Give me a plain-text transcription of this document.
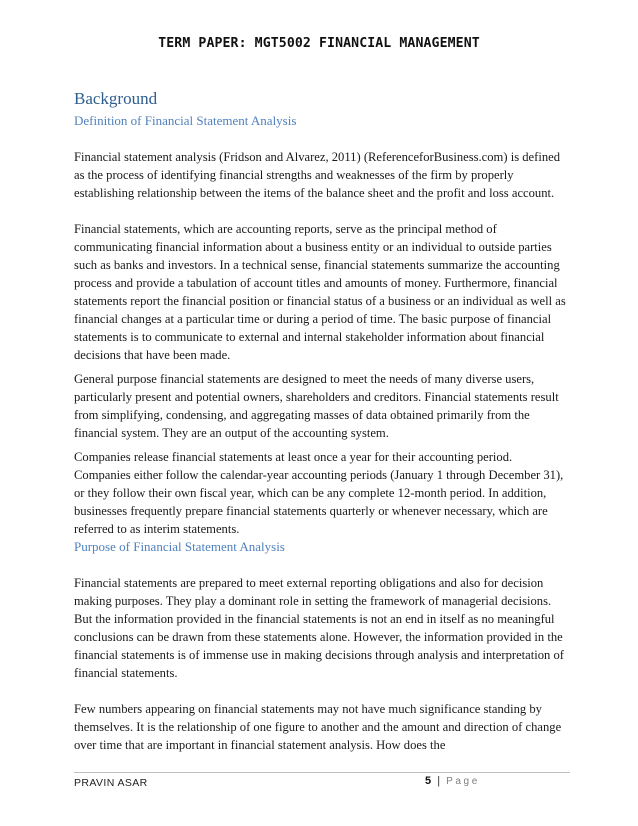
TERM PAPER: MGT5002 FINANCIAL MANAGEMENT
Background
Definition of Financial Statement Analysis

Financial statement analysis (Fridson and Alvarez, 2011) (ReferenceforBusiness.com) is defined as the process of identifying financial strengths and weaknesses of the firm by properly establishing relationship between the items of the balance sheet and the profit and loss account.

Financial statements, which are accounting reports, serve as the principal method of communicating financial information about a business entity or an individual to outside parties such as banks and investors. In a technical sense, financial statements summarize the accounting process and provide a tabulation of account titles and amounts of money. Furthermore, financial statements report the financial position or financial status of a business or an individual as well as financial changes at a particular time or during a period of time. The basic purpose of financial statements is to communicate to external and internal stakeholder information about financial decisions that have been made.

General purpose financial statements are designed to meet the needs of many diverse users, particularly present and potential owners, shareholders and creditors. Financial statements result from simplifying, condensing, and aggregating masses of data obtained primarily from the financial system. They are an output of the accounting system.

Companies release financial statements at least once a year for their accounting period. Companies either follow the calendar-year accounting periods (January 1 through December 31), or they follow their own fiscal year, which can be any complete 12-month period. In addition, businesses frequently prepare financial statements quarterly or whenever necessary, which are referred to as interim statements.

Purpose of Financial Statement Analysis

Financial statements are prepared to meet external reporting obligations and also for decision making purposes. They play a dominant role in setting the framework of managerial decisions. But the information provided in the financial statements is not an end in itself as no meaningful conclusions can be drawn from these statements alone. However, the information provided in the financial statements is of immense use in making decisions through analysis and interpretation of financial statements.

Few numbers appearing on financial statements may not have much significance standing by themselves. It is the relationship of one figure to another and the amount and direction of change over time that are important in financial statement analysis. How does the

PRAVIN ASAR	5 | Page
